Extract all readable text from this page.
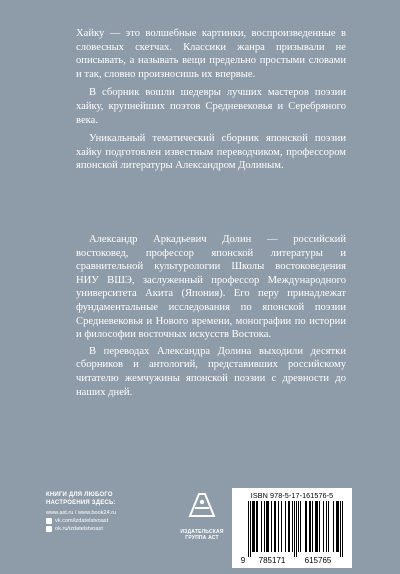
Хайку — это волшебные картинки, воспроизведенные в словесных скетчах. Классики жанра призывали не описывать, а называть вещи предельно простыми словами и так, словно произносишь их впервые.

В сборник вошли шедевры лучших мастеров поэзии хайку, крупнейших поэтов Средневековья и Серебряного века.

Уникальный тематический сборник японской поэзии хайку подготовлен известным переводчиком, профессором японской литературы Александром Долиным.

Александр Аркадьевич Долин — российский востоковед, профессор японской литературы и сравнительной культурологии Школы востоковедения НИУ ВШЭ, заслуженный профессор Международного университета Акита (Япония). Его перу принадлежат фундаментальные исследования по японской поэзии Средневековья и Нового времени, монографии по истории и философии восточных искусств Востока.

В переводах Александра Долина выходили десятки сборников и антологий, представивших российскому читателю жемчужины японской поэзии с древности до наших дней.

КНИГИ ДЛЯ ЛЮБОГО
НАСТРОЕНИЯ ЗДЕСЬ:
www.ast.ru / www.book24.ru
vk.com/izdatelstvoast
ok.ru/izdatelstvoast	ИЗДАТЕЛЬСКАЯ
ГРУППА АСТ
ISBN 978-5-17-161576-5
9 785171 615765
